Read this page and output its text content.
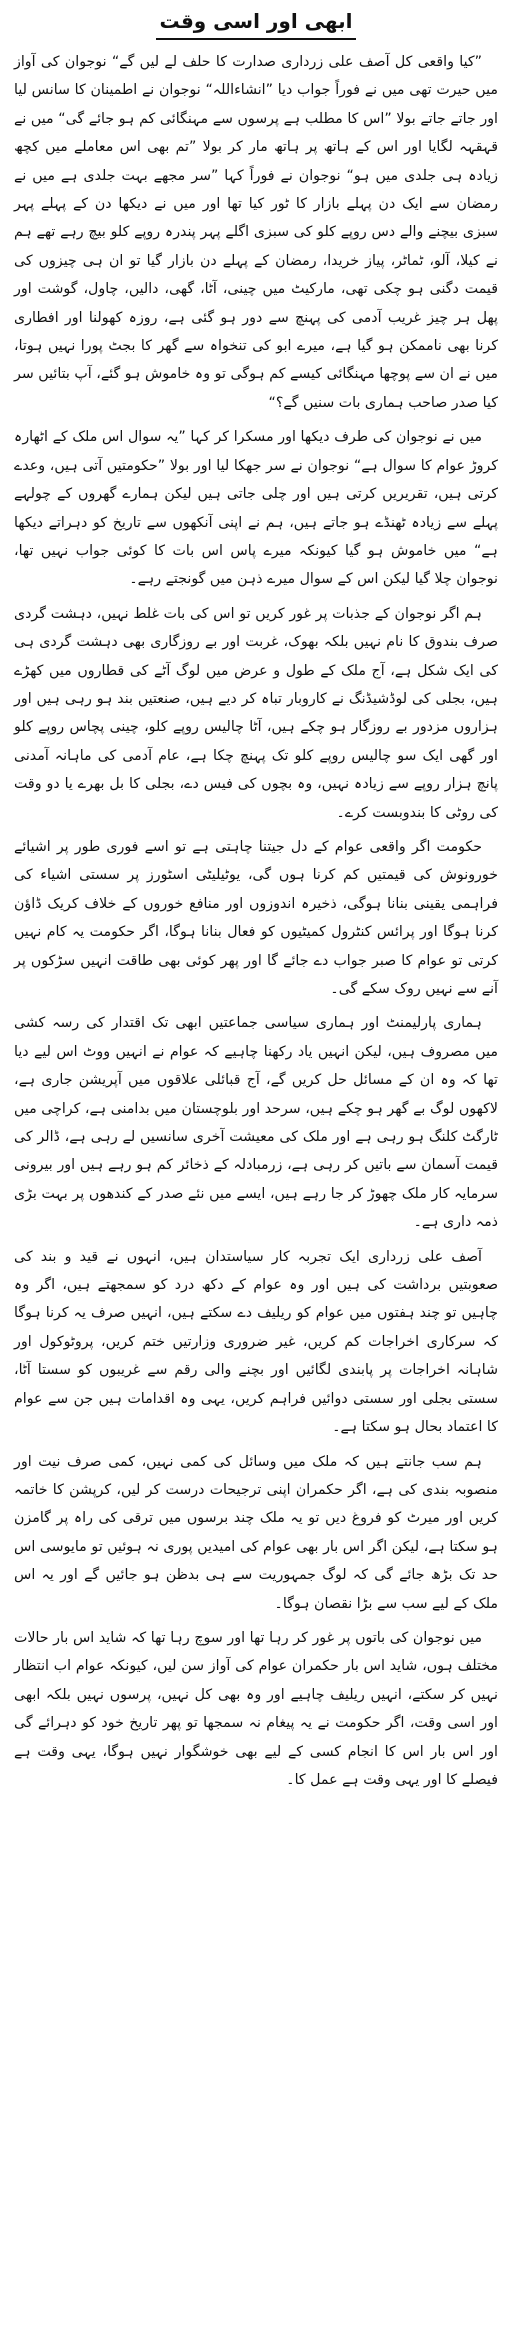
ابھی اور اسی وقت

”کیا واقعی کل آصف علی زرداری صدارت کا حلف لے لیں گے“ نوجوان کی آواز میں حیرت تھی میں نے فوراً جواب دیا ”انشاءاللہ“ نوجوان نے اطمینان کا سانس لیا اور جاتے جاتے بولا ”اس کا مطلب ہے پرسوں سے مہنگائی کم ہو جائے گی“ میں نے قہقہہ لگایا اور اس کے ہاتھ پر ہاتھ مار کر بولا ”تم بھی اس معاملے میں کچھ زیادہ ہی جلدی میں ہو“ نوجوان نے فوراً کہا ”سر مجھے بہت جلدی ہے میں نے رمضان سے ایک دن پہلے بازار کا ٹور کیا تھا اور میں نے دیکھا دن کے پہلے پہر سبزی بیچنے والے دس روپے کلو کی سبزی اگلے پہر پندرہ روپے کلو بیچ رہے تھے ہم نے کیلا، آلو، ٹماٹر، پیاز خریدا، رمضان کے پہلے دن بازار گیا تو ان ہی چیزوں کی قیمت دگنی ہو چکی تھی، مارکیٹ میں چینی، آٹا، گھی، دالیں، چاول، گوشت اور پھل ہر چیز غریب آدمی کی پہنچ سے دور ہو گئی ہے، روزہ کھولنا اور افطاری کرنا بھی ناممکن ہو گیا ہے، میرے ابو کی تنخواہ سے گھر کا بجٹ پورا نہیں ہوتا، میں نے ان سے پوچھا مہنگائی کیسے کم ہوگی تو وہ خاموش ہو گئے، آپ بتائیں سر کیا صدر صاحب ہماری بات سنیں گے؟“

میں نے نوجوان کی طرف دیکھا اور مسکرا کر کہا ”یہ سوال اس ملک کے اٹھارہ کروڑ عوام کا سوال ہے“ نوجوان نے سر جھکا لیا اور بولا ”حکومتیں آتی ہیں، وعدے کرتی ہیں، تقریریں کرتی ہیں اور چلی جاتی ہیں لیکن ہمارے گھروں کے چولہے پہلے سے زیادہ ٹھنڈے ہو جاتے ہیں، ہم نے اپنی آنکھوں سے تاریخ کو دہراتے دیکھا ہے“ میں خاموش ہو گیا کیونکہ میرے پاس اس بات کا کوئی جواب نہیں تھا، نوجوان چلا گیا لیکن اس کے سوال میرے ذہن میں گونجتے رہے۔

ہم اگر نوجوان کے جذبات پر غور کریں تو اس کی بات غلط نہیں، دہشت گردی صرف بندوق کا نام نہیں بلکہ بھوک، غربت اور بے روزگاری بھی دہشت گردی ہی کی ایک شکل ہے، آج ملک کے طول و عرض میں لوگ آٹے کی قطاروں میں کھڑے ہیں، بجلی کی لوڈشیڈنگ نے کاروبار تباہ کر دیے ہیں، صنعتیں بند ہو رہی ہیں اور ہزاروں مزدور بے روزگار ہو چکے ہیں، آٹا چالیس روپے کلو، چینی پچاس روپے کلو اور گھی ایک سو چالیس روپے کلو تک پہنچ چکا ہے، عام آدمی کی ماہانہ آمدنی پانچ ہزار روپے سے زیادہ نہیں، وہ بچوں کی فیس دے، بجلی کا بل بھرے یا دو وقت کی روٹی کا بندوبست کرے۔

حکومت اگر واقعی عوام کے دل جیتنا چاہتی ہے تو اسے فوری طور پر اشیائے خورونوش کی قیمتیں کم کرنا ہوں گی، یوٹیلیٹی اسٹورز پر سستی اشیاء کی فراہمی یقینی بنانا ہوگی، ذخیرہ اندوزوں اور منافع خوروں کے خلاف کریک ڈاؤن کرنا ہوگا اور پرائس کنٹرول کمیٹیوں کو فعال بنانا ہوگا، اگر حکومت یہ کام نہیں کرتی تو عوام کا صبر جواب دے جائے گا اور پھر کوئی بھی طاقت انہیں سڑکوں پر آنے سے نہیں روک سکے گی۔

ہماری پارلیمنٹ اور ہماری سیاسی جماعتیں ابھی تک اقتدار کی رسہ کشی میں مصروف ہیں، لیکن انہیں یاد رکھنا چاہیے کہ عوام نے انہیں ووٹ اس لیے دیا تھا کہ وہ ان کے مسائل حل کریں گے، آج قبائلی علاقوں میں آپریشن جاری ہے، لاکھوں لوگ بے گھر ہو چکے ہیں، سرحد اور بلوچستان میں بدامنی ہے، کراچی میں ٹارگٹ کلنگ ہو رہی ہے اور ملک کی معیشت آخری سانسیں لے رہی ہے، ڈالر کی قیمت آسمان سے باتیں کر رہی ہے، زرمبادلہ کے ذخائر کم ہو رہے ہیں اور بیرونی سرمایہ کار ملک چھوڑ کر جا رہے ہیں، ایسے میں نئے صدر کے کندھوں پر بہت بڑی ذمہ داری ہے۔

آصف علی زرداری ایک تجربہ کار سیاستدان ہیں، انہوں نے قید و بند کی صعوبتیں برداشت کی ہیں اور وہ عوام کے دکھ درد کو سمجھتے ہیں، اگر وہ چاہیں تو چند ہفتوں میں عوام کو ریلیف دے سکتے ہیں، انہیں صرف یہ کرنا ہوگا کہ سرکاری اخراجات کم کریں، غیر ضروری وزارتیں ختم کریں، پروٹوکول اور شاہانہ اخراجات پر پابندی لگائیں اور بچنے والی رقم سے غریبوں کو سستا آٹا، سستی بجلی اور سستی دوائیں فراہم کریں، یہی وہ اقدامات ہیں جن سے عوام کا اعتماد بحال ہو سکتا ہے۔

ہم سب جانتے ہیں کہ ملک میں وسائل کی کمی نہیں، کمی صرف نیت اور منصوبہ بندی کی ہے، اگر حکمران اپنی ترجیحات درست کر لیں، کرپشن کا خاتمہ کریں اور میرٹ کو فروغ دیں تو یہ ملک چند برسوں میں ترقی کی راہ پر گامزن ہو سکتا ہے، لیکن اگر اس بار بھی عوام کی امیدیں پوری نہ ہوئیں تو مایوسی اس حد تک بڑھ جائے گی کہ لوگ جمہوریت سے ہی بدظن ہو جائیں گے اور یہ اس ملک کے لیے سب سے بڑا نقصان ہوگا۔

میں نوجوان کی باتوں پر غور کر رہا تھا اور سوچ رہا تھا کہ شاید اس بار حالات مختلف ہوں، شاید اس بار حکمران عوام کی آواز سن لیں، کیونکہ عوام اب انتظار نہیں کر سکتے، انہیں ریلیف چاہیے اور وہ بھی کل نہیں، پرسوں نہیں بلکہ ابھی اور اسی وقت، اگر حکومت نے یہ پیغام نہ سمجھا تو پھر تاریخ خود کو دہرائے گی اور اس بار اس کا انجام کسی کے لیے بھی خوشگوار نہیں ہوگا، یہی وقت ہے فیصلے کا اور یہی وقت ہے عمل کا۔
